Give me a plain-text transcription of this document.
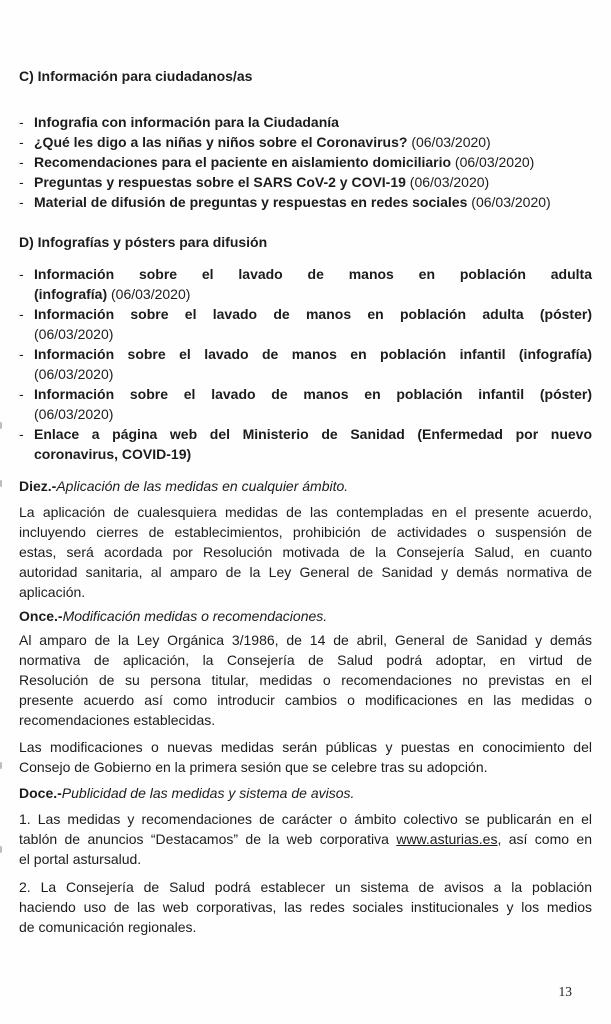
C) Información para ciudadanos/as
- Infografia con información para la Ciudadanía
- ¿Qué les digo a las niñas y niños sobre el Coronavirus? (06/03/2020)
- Recomendaciones para el paciente en aislamiento domiciliario (06/03/2020)
- Preguntas y respuestas sobre el SARS CoV-2 y COVI-19 (06/03/2020)
- Material de difusión de preguntas y respuestas en redes sociales (06/03/2020)
D) Infografías y pósters para difusión
- Información sobre el lavado de manos en población adulta
(infografía) (06/03/2020)
- Información sobre el lavado de manos en población adulta (póster)
(06/03/2020)
- Información sobre el lavado de manos en población infantil (infografía)
(06/03/2020)
- Información sobre el lavado de manos en población infantil (póster)
(06/03/2020)
- Enlace a página web del Ministerio de Sanidad (Enfermedad por nuevo
coronavirus, COVID-19)
Diez.-Aplicación de las medidas en cualquier ámbito.
La aplicación de cualesquiera medidas de las contempladas en el presente acuerdo,
incluyendo cierres de establecimientos, prohibición de actividades o suspensión de
estas, será acordada por Resolución motivada de la Consejería Salud, en cuanto
autoridad sanitaria, al amparo de la Ley General de Sanidad y demás normativa de
aplicación.
Once.-Modificación medidas o recomendaciones.
Al amparo de la Ley Orgánica 3/1986, de 14 de abril, General de Sanidad y demás
normativa de aplicación, la Consejería de Salud podrá adoptar, en virtud de
Resolución de su persona titular, medidas o recomendaciones no previstas en el
presente acuerdo así como introducir cambios o modificaciones en las medidas o
recomendaciones establecidas.
Las modificaciones o nuevas medidas serán públicas y puestas en conocimiento del
Consejo de Gobierno en la primera sesión que se celebre tras su adopción.
Doce.-Publicidad de las medidas y sistema de avisos.
1. Las medidas y recomendaciones de carácter o ámbito colectivo se publicarán en el
tablón de anuncios “Destacamos” de la web corporativa www.asturias.es, así como en
el portal astursalud.
2. La Consejería de Salud podrá establecer un sistema de avisos a la población
haciendo uso de las web corporativas, las redes sociales institucionales y los medios
de comunicación regionales.
13
